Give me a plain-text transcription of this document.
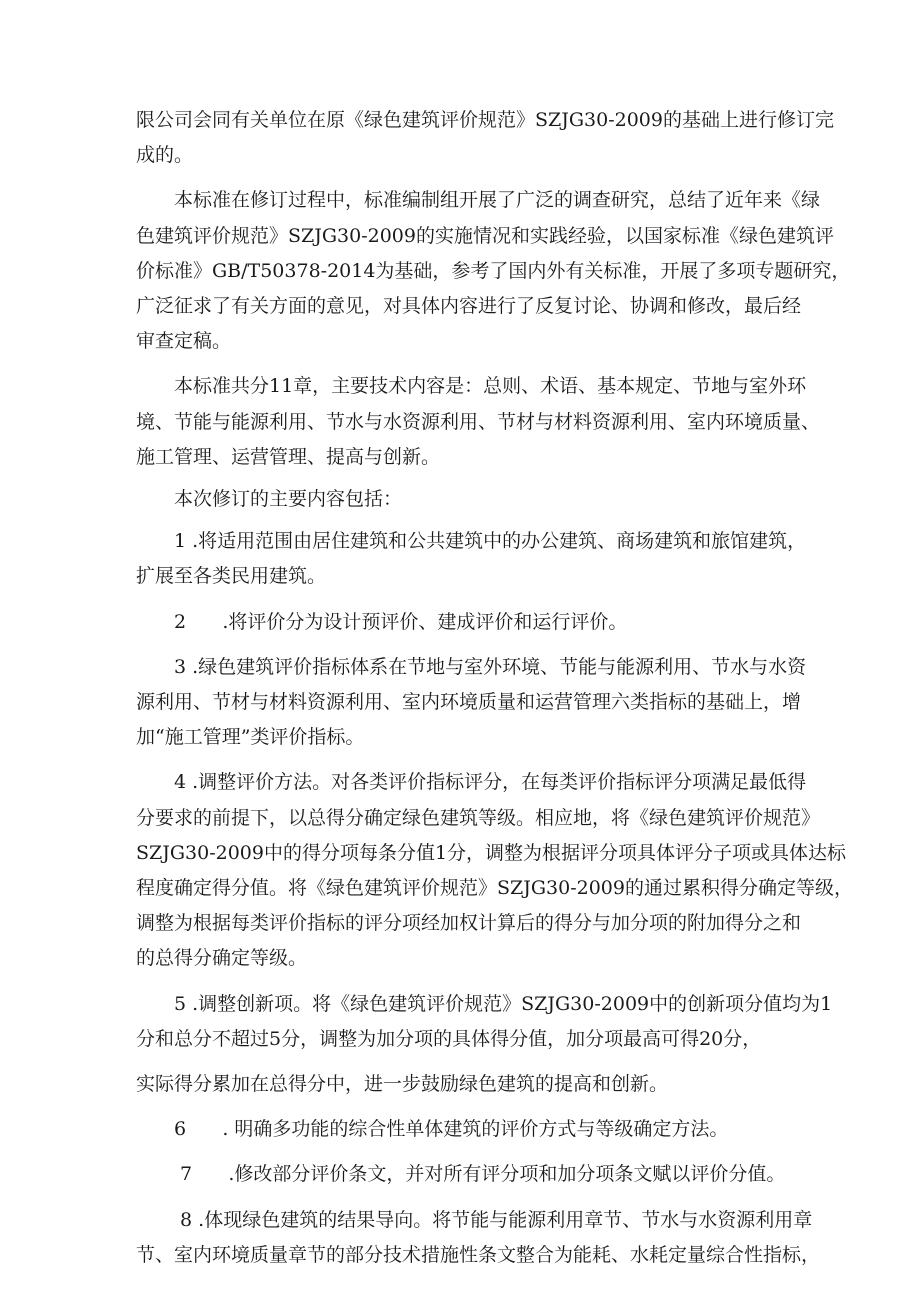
限公司会同有关单位在原《绿色建筑评价规范》SZJG30-2009的基础上进行修订完
成的。

本标准在修订过程中，标准编制组开展了广泛的调查研究，总结了近年来《绿
色建筑评价规范》SZJG30-2009的实施情况和实践经验，以国家标准《绿色建筑评
价标准》GB/T50378-2014为基础，参考了国内外有关标准，开展了多项专题研究，
广泛征求了有关方面的意见，对具体内容进行了反复讨论、协调和修改，最后经
审查定稿。

本标准共分11章，主要技术内容是：总则、术语、基本规定、节地与室外环
境、节能与能源利用、节水与水资源利用、节材与材料资源利用、室内环境质量、
施工管理、运营管理、提高与创新。

本次修订的主要内容包括：

1 .将适用范围由居住建筑和公共建筑中的办公建筑、商场建筑和旅馆建筑，
扩展至各类民用建筑。

2      .将评价分为设计预评价、建成评价和运行评价。

3 .绿色建筑评价指标体系在节地与室外环境、节能与能源利用、节水与水资
源利用、节材与材料资源利用、室内环境质量和运营管理六类指标的基础上，增
加“施工管理”类评价指标。

4 .调整评价方法。对各类评价指标评分，在每类评价指标评分项满足最低得
分要求的前提下，以总得分确定绿色建筑等级。相应地，将《绿色建筑评价规范》
SZJG30-2009中的得分项每条分值1分，调整为根据评分项具体评分子项或具体达标
程度确定得分值。将《绿色建筑评价规范》SZJG30-2009的通过累积得分确定等级，
调整为根据每类评价指标的评分项经加权计算后的得分与加分项的附加得分之和
的总得分确定等级。

5 .调整创新项。将《绿色建筑评价规范》SZJG30-2009中的创新项分值均为1
分和总分不超过5分，调整为加分项的具体得分值，加分项最高可得20分，

实际得分累加在总得分中，进一步鼓励绿色建筑的提高和创新。

6      . 明确多功能的综合性单体建筑的评价方式与等级确定方法。

7      .修改部分评价条文，并对所有评分项和加分项条文赋以评价分值。

8 .体现绿色建筑的结果导向。将节能与能源利用章节、节水与水资源利用章
节、室内环境质量章节的部分技术措施性条文整合为能耗、水耗定量综合性指标，
